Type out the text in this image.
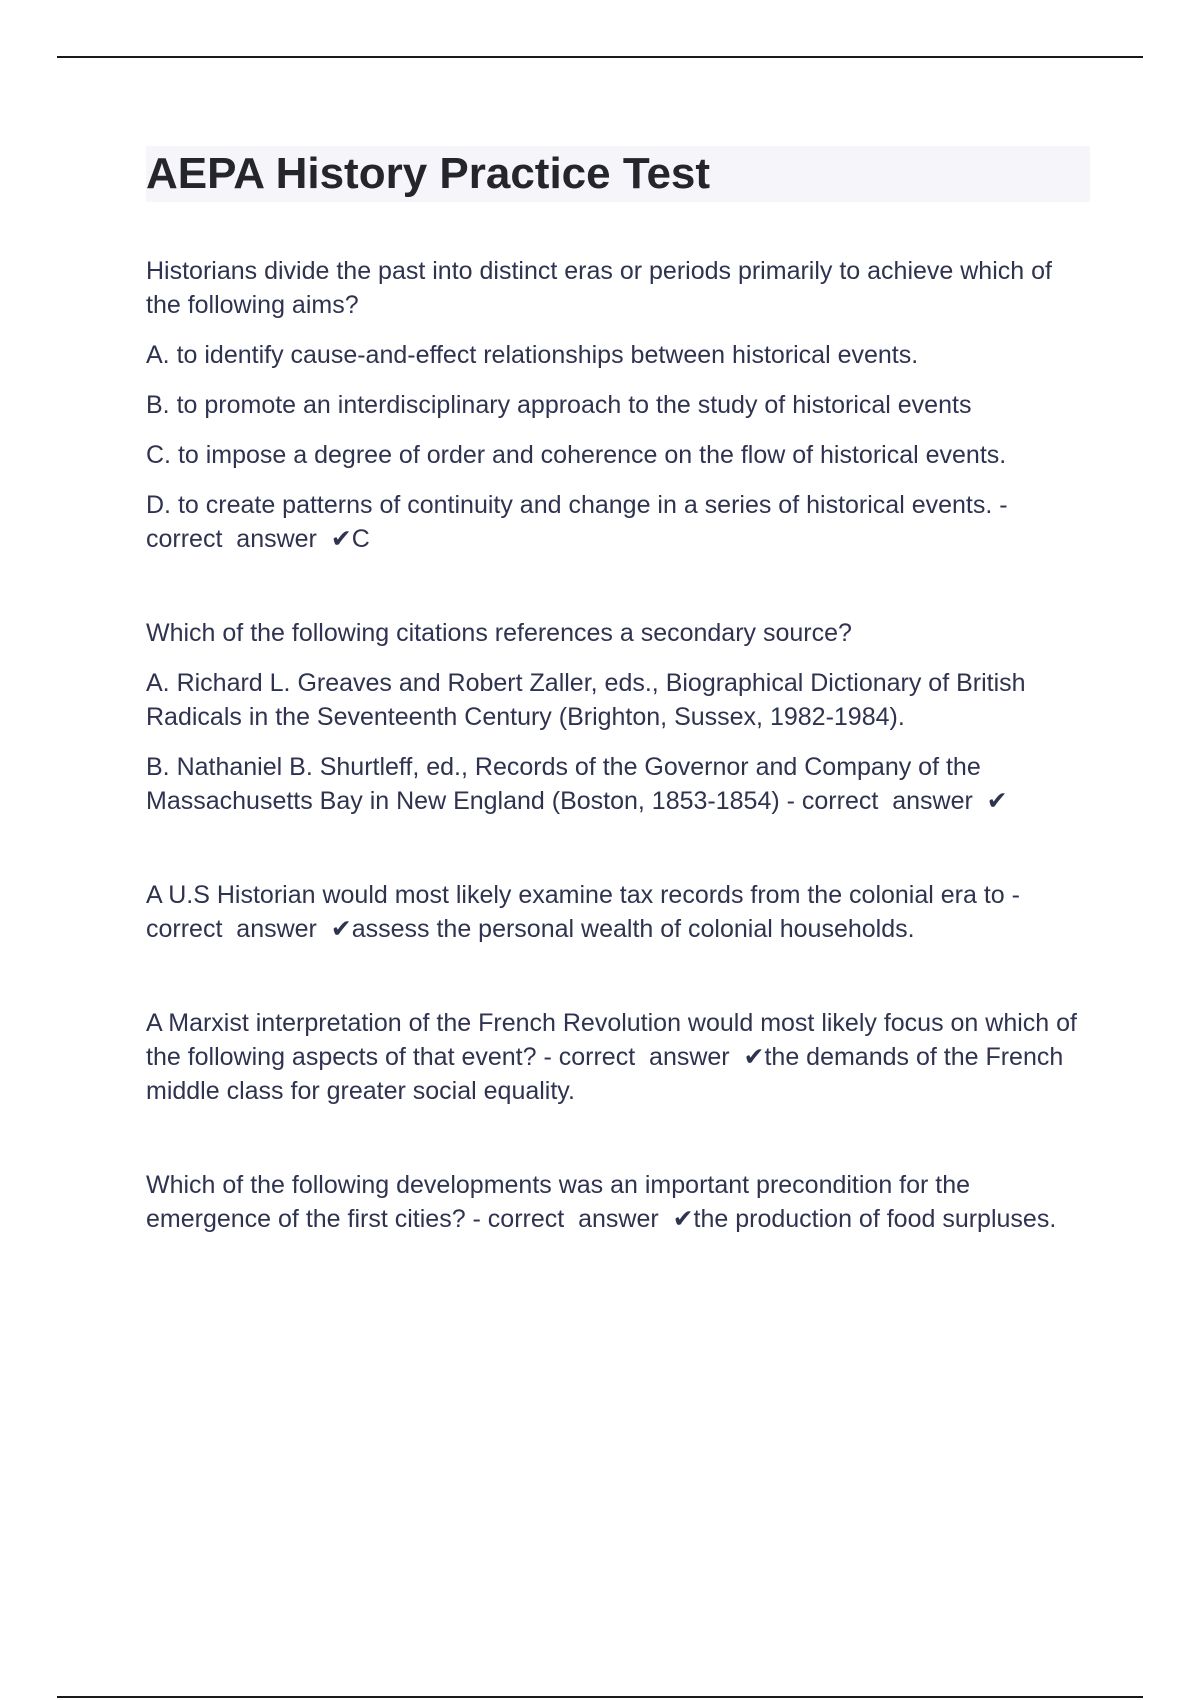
AEPA History Practice Test

Historians divide the past into distinct eras or periods primarily to achieve which of the following aims?

A. to identify cause-and-effect relationships between historical events.

B. to promote an interdisciplinary approach to the study of historical events

C. to impose a degree of order and coherence on the flow of historical events.

D. to create patterns of continuity and change in a series of historical events. - correct  answer  ✔C

Which of the following citations references a secondary source?

A. Richard L. Greaves and Robert Zaller, eds., Biographical Dictionary of British Radicals in the Seventeenth Century (Brighton, Sussex, 1982-1984).

B. Nathaniel B. Shurtleff, ed., Records of the Governor and Company of the Massachusetts Bay in New England (Boston, 1853-1854) - correct  answer  ✔

A U.S Historian would most likely examine tax records from the colonial era to - correct  answer  ✔assess the personal wealth of colonial households.

A Marxist interpretation of the French Revolution would most likely focus on which of the following aspects of that event? - correct  answer  ✔the demands of the French middle class for greater social equality.

Which of the following developments was an important precondition for the emergence of the first cities? - correct  answer  ✔the production of food surpluses.
